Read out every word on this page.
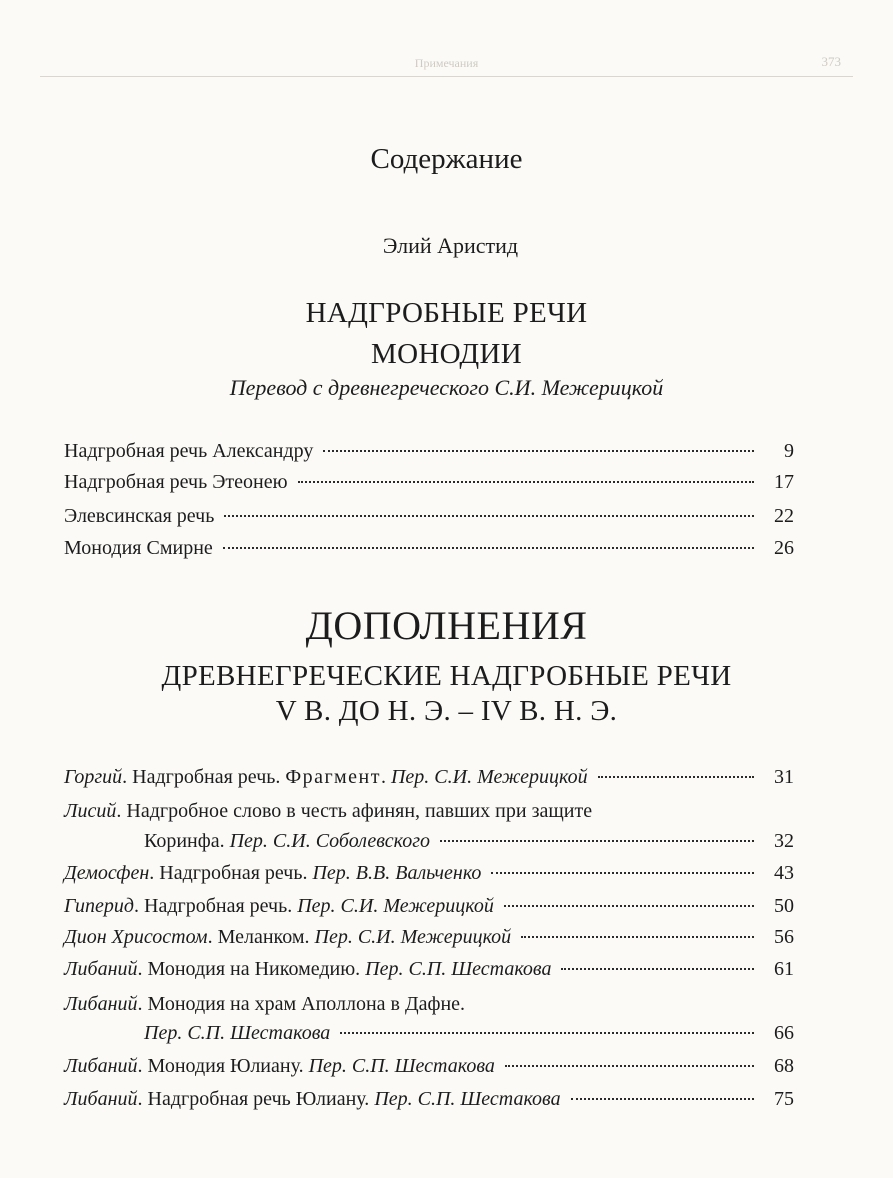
Примечания	373
Содержание
Элий Аристид
НАДГРОБНЫЕ РЕЧИ
МОНОДИИ
Перевод с древнегреческого С.И. Межерицкой
Надгробная речь Александру	9
Надгробная речь Этеонею	17
Элевсинская речь	22
Монодия Смирне	26
ДОПОЛНЕНИЯ
ДРЕВНЕГРЕЧЕСКИЕ НАДГРОБНЫЕ РЕЧИ
V В. ДО Н. Э. – IV В. Н. Э.
Горгий. Надгробная речь. Фрагмент. Пер. С.И. Межерицкой	31
Лисий. Надгробное слово в честь афинян, павших при защите
Коринфа. Пер. С.И. Соболевского	32
Демосфен. Надгробная речь. Пер. В.В. Вальченко	43
Гиперид. Надгробная речь. Пер. С.И. Межерицкой	50
Дион Хрисостом. Меланком. Пер. С.И. Межерицкой	56
Либаний. Монодия на Никомедию. Пер. С.П. Шестакова	61
Либаний. Монодия на храм Аполлона в Дафне.
Пер. С.П. Шестакова	66
Либаний. Монодия Юлиану. Пер. С.П. Шестакова	68
Либаний. Надгробная речь Юлиану. Пер. С.П. Шестакова	75
